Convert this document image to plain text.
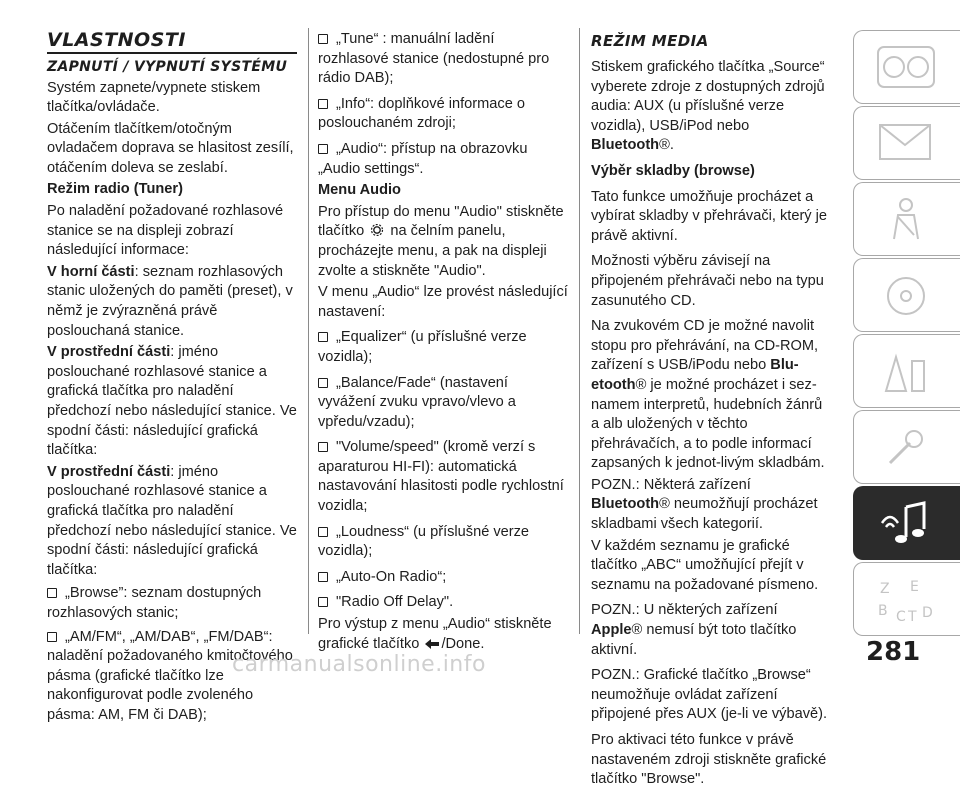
VLASTNOSTI
ZAPNUTÍ / VYPNUTÍ SYSTÉMU
Systém zapnete/vypnete stiskem tlačítka/ovládače.
Otáčením tlačítkem/otočným ovladačem doprava se hlasitost zesílí, otáčením doleva se zeslabí.
Režim radio (Tuner)
Po naladění požadované rozhlasové stanice se na displeji zobrazí následující informace:
V horní části: seznam rozhlasových stanic uložených do paměti (preset), v němž je zvýrazněná právě poslouchaná stanice.
V prostřední části: jméno poslouchané rozhlasové stanice a grafická tlačítka pro naladění předchozí nebo následující stanice. Ve spodní části: následující grafická tlačítka:
V prostřední části: jméno poslouchané rozhlasové stanice a grafická tlačítka pro naladění předchozí nebo následující stanice. Ve spodní části: následující grafická tlačítka:
„Browse”: seznam dostupných rozhlasových stanic;
„AM/FM“, „AM/DAB“, „FM/DAB“: naladění požadovaného kmitočtového pásma (grafické tlačítko lze nakonfigurovat podle zvoleného pásma: AM, FM či DAB);
„Tune“ : manuální ladění rozhlasové stanice (nedostupné pro rádio DAB);
„Info“: doplňkové informace o poslouchaném zdroji;
„Audio“: přístup na obrazovku „Audio settings“.
Menu Audio
Pro přístup do menu "Audio" stiskněte tlačítko na čelním panelu, procházejte menu, a pak na displeji zvolte a stiskněte "Audio".
V menu „Audio“ lze provést následující nastavení:
„Equalizer“ (u příslušné verze vozidla);
„Balance/Fade“ (nastavení vyvážení zvuku vpravo/vlevo a vpředu/vzadu);
"Volume/speed" (kromě verzí s aparaturou HI-FI): automatická nastavování hlasitosti podle rychlostní vozidla;
„Loudness“ (u příslušné verze vozidla);
„Auto-On Radio“;
"Radio Off Delay".
Pro výstup z menu „Audio“ stiskněte grafické tlačítko /Done.
REŽIM MEDIA
Stiskem grafického tlačítka „Source“ vyberete zdroje z dostupných zdrojů audia: AUX (u příslušné verze vozidla), USB/iPod nebo Bluetooth®.
Výběr skladby (browse)
Tato funkce umožňuje procházet a vybírat skladby v přehrávači, který je právě aktivní.
Možnosti výběru závisejí na připojeném přehrávači nebo na typu zasunutého CD.
Na zvukovém CD je možné navolit stopu pro přehrávání, na CD-ROM, zařízení s USB/iPodu nebo Blu-etooth® je možné procházet i sez-namem interpretů, hudebních žánrů a alb uložených v těchto přehrávačích, a to podle informací zapsaných k jednot-livým skladbám.
POZN.: Některá zařízení Bluetooth® neumožňují procházet skladbami všech kategorií.
V každém seznamu je grafické tlačítko „ABC“ umožňující přejít v seznamu na požadované písmeno.
POZN.: U některých zařízení Apple® nemusí být toto tlačítko aktivní.
POZN.: Grafické tlačítko „Browse“ neumožňuje ovládat zařízení připojené přes AUX (je-li ve výbavě).
Pro aktivaci této funkce v právě nastaveném zdroji stiskněte grafické tlačítko "Browse".
Z E
B C T D
281
carmanualsonline.info
